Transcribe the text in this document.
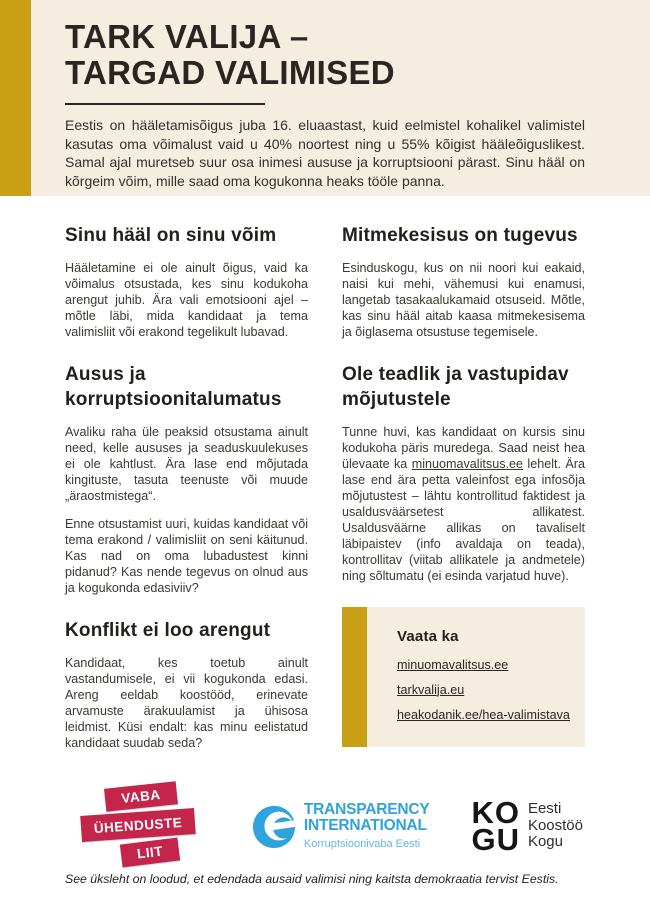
TARK VALIJA –
TARGAD VALIMISED

Eestis on hääletamisõigus juba 16. eluaastast, kuid eelmistel kohalikel valimistel kasutas oma võimalust vaid u 40% noortest ning u 55% kõigist hääleõiguslikest. Samal ajal muretseb suur osa inimesi aususe ja korruptsiooni pärast. Sinu hääl on kõrgeim võim, mille saad oma kogukonna heaks tööle panna.

Sinu hääl on sinu võim

Hääletamine ei ole ainult õigus, vaid ka võimalus otsustada, kes sinu kodukoha arengut juhib. Ära vali emotsiooni ajel – mõtle läbi, mida kandidaat ja tema valimisliit või erakond tegelikult lubavad.

Ausus ja korruptsioonitalumatus

Avaliku raha üle peaksid otsustama ainult need, kelle aususes ja seaduskuulekuses ei ole kahtlust. Ära lase end mõjutada kingituste, tasuta teenuste või muude „äraostmistega“.

Enne otsustamist uuri, kuidas kandidaat või tema erakond / valimisliit on seni käitunud. Kas nad on oma lubadustest kinni pidanud? Kas nende tegevus on olnud aus ja kogukonda edasiviiv?

Konflikt ei loo arengut

Kandidaat, kes toetub ainult vastandumisele, ei vii kogukonda edasi. Areng eeldab koostööd, erinevate arvamuste ärakuulamist ja ühisosa leidmist. Küsi endalt: kas minu eelistatud kandidaat suudab seda?

Mitmekesisus on tugevus

Esinduskogu, kus on nii noori kui eakaid, naisi kui mehi, vähemusi kui enamusi, langetab tasakaalukamaid otsuseid. Mõtle, kas sinu hääl aitab kaasa mitmekesisema ja õiglasema otsustuse tegemisele.

Ole teadlik ja vastupidav mõjutustele

Tunne huvi, kas kandidaat on kursis sinu kodukoha päris muredega. Saad neist hea ülevaate ka minuomavalitsus.ee lehelt. Ära lase end ära petta valeinfost ega infosõja mõjutustest – lähtu kontrollitud faktidest ja usaldusväärsetest allikatest. Usaldusväärne allikas on tavaliselt läbipaistev (info avaldaja on teada), kontrollitav (viitab allikatele ja andmetele) ning sõltumatu (ei esinda varjatud huve).

Vaata ka
minuomavalitsus.ee
tarkvalija.eu
heakodanik.ee/hea-valimistava
VABA
ÜHENDUSTE
LIIT
TRANSPARENCY
INTERNATIONAL
Korruptsioonivaba Eesti
KO
GU
Eesti
Koostöö
Kogu
See üksleht on loodud, et edendada ausaid valimisi ning kaitsta demokraatia tervist Eestis.
